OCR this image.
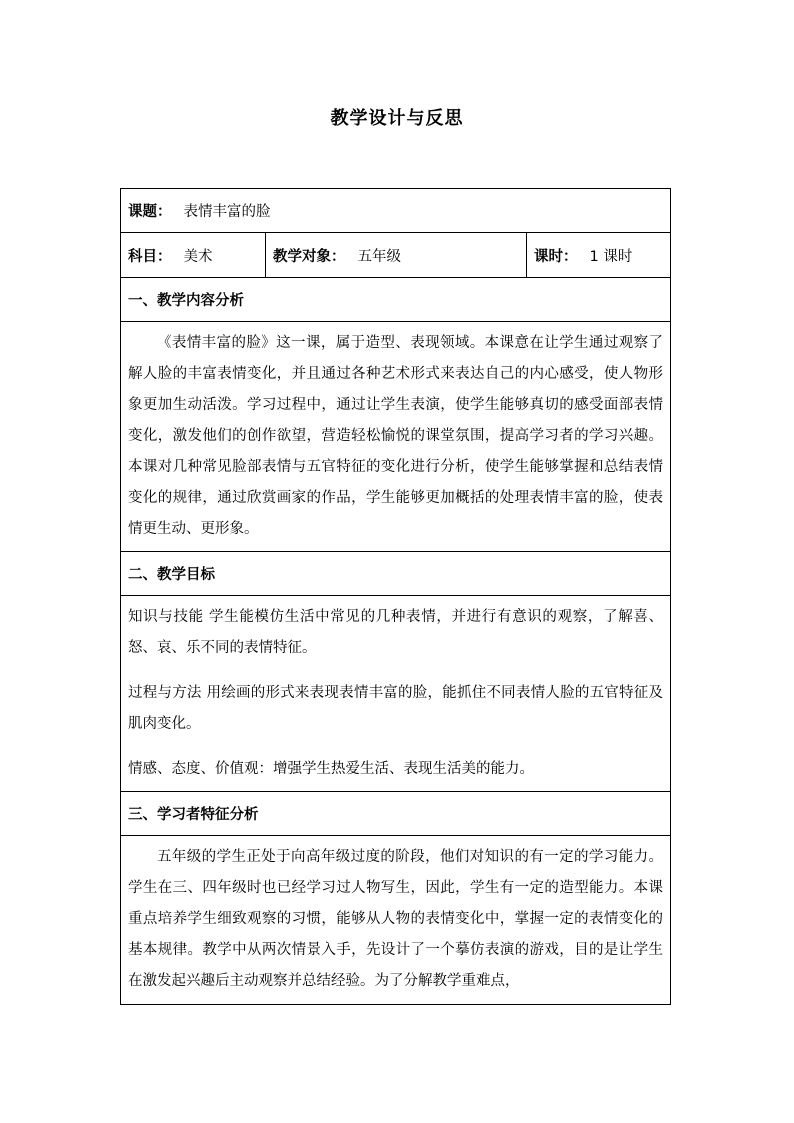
教学设计与反思
课题： 表情丰富的脸
科目： 美术	教学对象： 五年级	课时： 1 课时
一、教学内容分析

《表情丰富的脸》这一课，属于造型、表现领域。本课意在让学生通过观察了解人脸的丰富表情变化，并且通过各种艺术形式来表达自己的内心感受，使人物形象更加生动活泼。学习过程中，通过让学生表演，使学生能够真切的感受面部表情变化，激发他们的创作欲望，营造轻松愉悦的课堂氛围，提高学习者的学习兴趣。本课对几种常见脸部表情与五官特征的变化进行分析，使学生能够掌握和总结表情变化的规律，通过欣赏画家的作品，学生能够更加概括的处理表情丰富的脸，使表情更生动、更形象。

二、教学目标

知识与技能 学生能模仿生活中常见的几种表情，并进行有意识的观察，了解喜、怒、哀、乐不同的表情特征。

过程与方法 用绘画的形式来表现表情丰富的脸，能抓住不同表情人脸的五官特征及肌肉变化。

情感、态度、价值观：增强学生热爱生活、表现生活美的能力。

三、学习者特征分析

五年级的学生正处于向高年级过度的阶段，他们对知识的有一定的学习能力。学生在三、四年级时也已经学习过人物写生，因此，学生有一定的造型能力。本课重点培养学生细致观察的习惯，能够从人物的表情变化中，掌握一定的表情变化的基本规律。教学中从两次情景入手，先设计了一个摹仿表演的游戏，目的是让学生在激发起兴趣后主动观察并总结经验。为了分解教学重难点，
